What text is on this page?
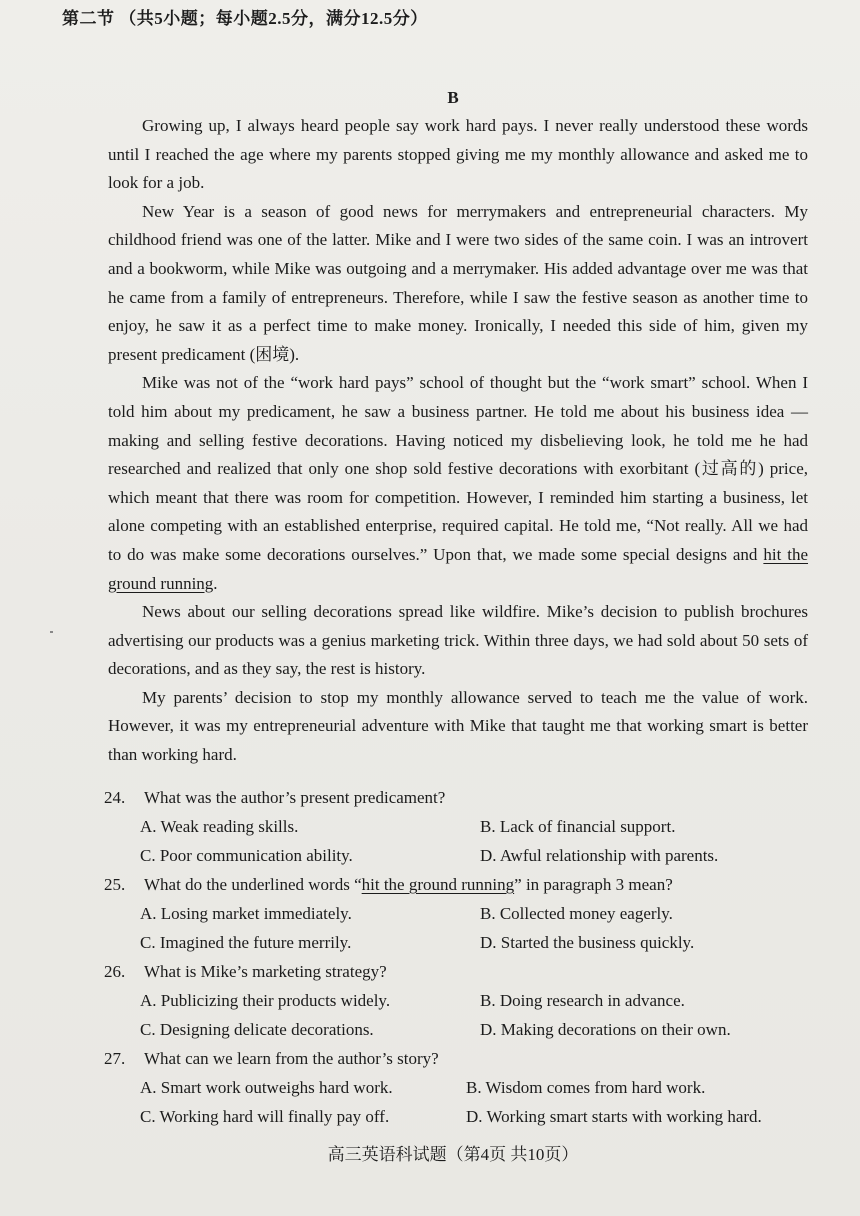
第二节 （共5小题；每小题2.5分，满分12.5分）
B

Growing up, I always heard people say work hard pays. I never really understood these words until I reached the age where my parents stopped giving me my monthly allowance and asked me to look for a job.

New Year is a season of good news for merrymakers and entrepreneurial characters. My childhood friend was one of the latter. Mike and I were two sides of the same coin. I was an introvert and a bookworm, while Mike was outgoing and a merrymaker. His added advantage over me was that he came from a family of entrepreneurs. Therefore, while I saw the festive season as another time to enjoy, he saw it as a perfect time to make money. Ironically, I needed this side of him, given my present predicament (困境).

Mike was not of the “work hard pays” school of thought but the “work smart” school. When I told him about my predicament, he saw a business partner. He told me about his business idea — making and selling festive decorations. Having noticed my disbelieving look, he told me he had researched and realized that only one shop sold festive decorations with exorbitant (过高的) price, which meant that there was room for competition. However, I reminded him starting a business, let alone competing with an established enterprise, required capital. He told me, “Not really. All we had to do was make some decorations ourselves.” Upon that, we made some special designs and hit the ground running.

News about our selling decorations spread like wildfire. Mike’s decision to publish brochures advertising our products was a genius marketing trick. Within three days, we had sold about 50 sets of decorations, and as they say, the rest is history.

My parents’ decision to stop my monthly allowance served to teach me the value of work. However, it was my entrepreneurial adventure with Mike that taught me that working smart is better than working hard.

24. What was the author’s present predicament?
A. Weak reading skills.	B. Lack of financial support.
C. Poor communication ability.	D. Awful relationship with parents.
25. What do the underlined words “hit the ground running” in paragraph 3 mean?
A. Losing market immediately.	B. Collected money eagerly.
C. Imagined the future merrily.	D. Started the business quickly.
26. What is Mike’s marketing strategy?
A. Publicizing their products widely.	B. Doing research in advance.
C. Designing delicate decorations.	D. Making decorations on their own.
27. What can we learn from the author’s story?
A. Smart work outweighs hard work.	B. Wisdom comes from hard work.
C. Working hard will finally pay off.	D. Working smart starts with working hard.
高三英语科试题（第4页 共10页）
